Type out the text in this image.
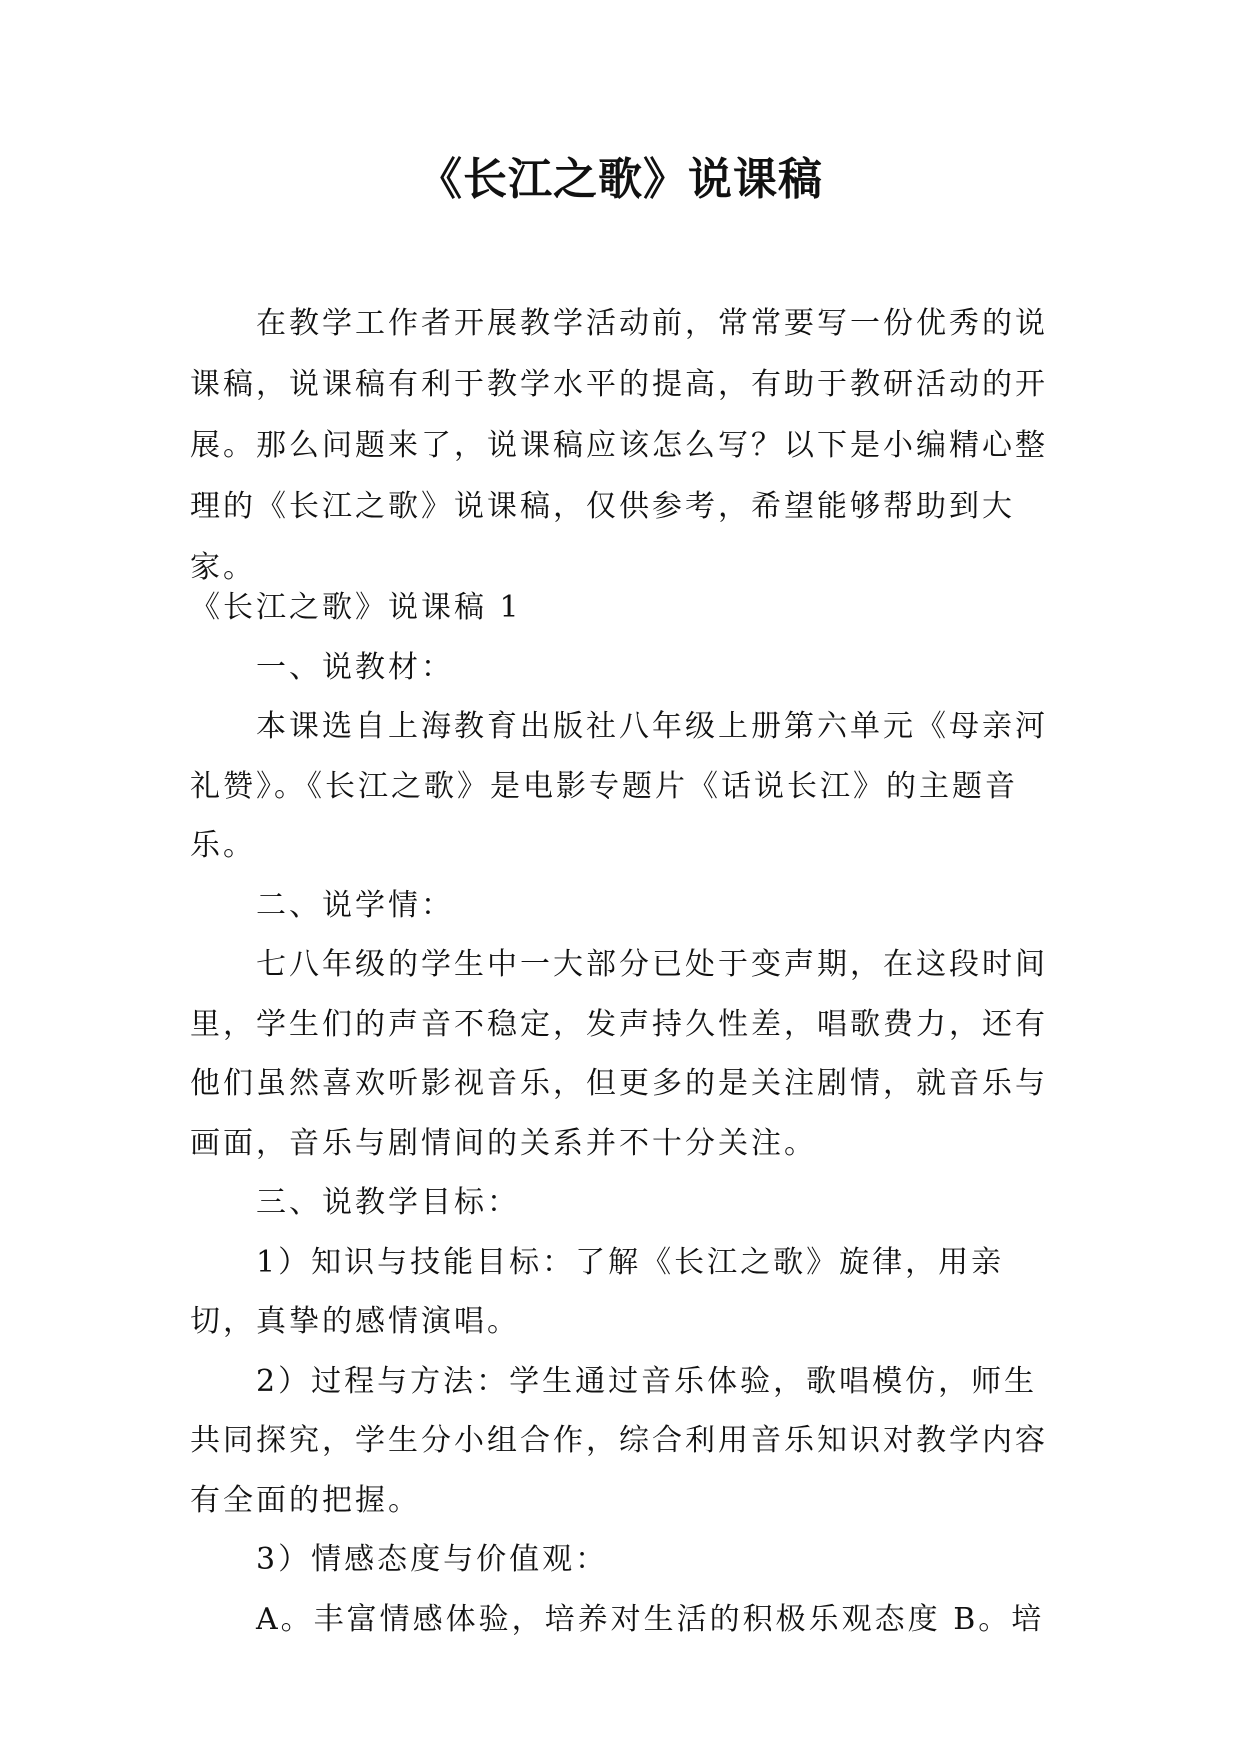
《长江之歌》说课稿
在教学工作者开展教学活动前，常常要写一份优秀的说课稿，说课稿有利于教学水平的提高，有助于教研活动的开展。那么问题来了，说课稿应该怎么写？以下是小编精心整理的《长江之歌》说课稿，仅供参考，希望能够帮助到大家。

《长江之歌》说课稿 1

一、说教材：

本课选自上海教育出版社八年级上册第六单元《母亲河礼赞》。《长江之歌》是电影专题片《话说长江》的主题音乐。

二、说学情：

七八年级的学生中一大部分已处于变声期，在这段时间里，学生们的声音不稳定，发声持久性差，唱歌费力，还有他们虽然喜欢听影视音乐，但更多的是关注剧情，就音乐与画面，音乐与剧情间的关系并不十分关注。

三、说教学目标：

1）知识与技能目标：了解《长江之歌》旋律，用亲切，真挚的感情演唱。

2）过程与方法：学生通过音乐体验，歌唱模仿，师生共同探究，学生分小组合作，综合利用音乐知识对教学内容有全面的把握。

3）情感态度与价值观：

A。丰富情感体验，培养对生活的积极乐观态度 B。培
